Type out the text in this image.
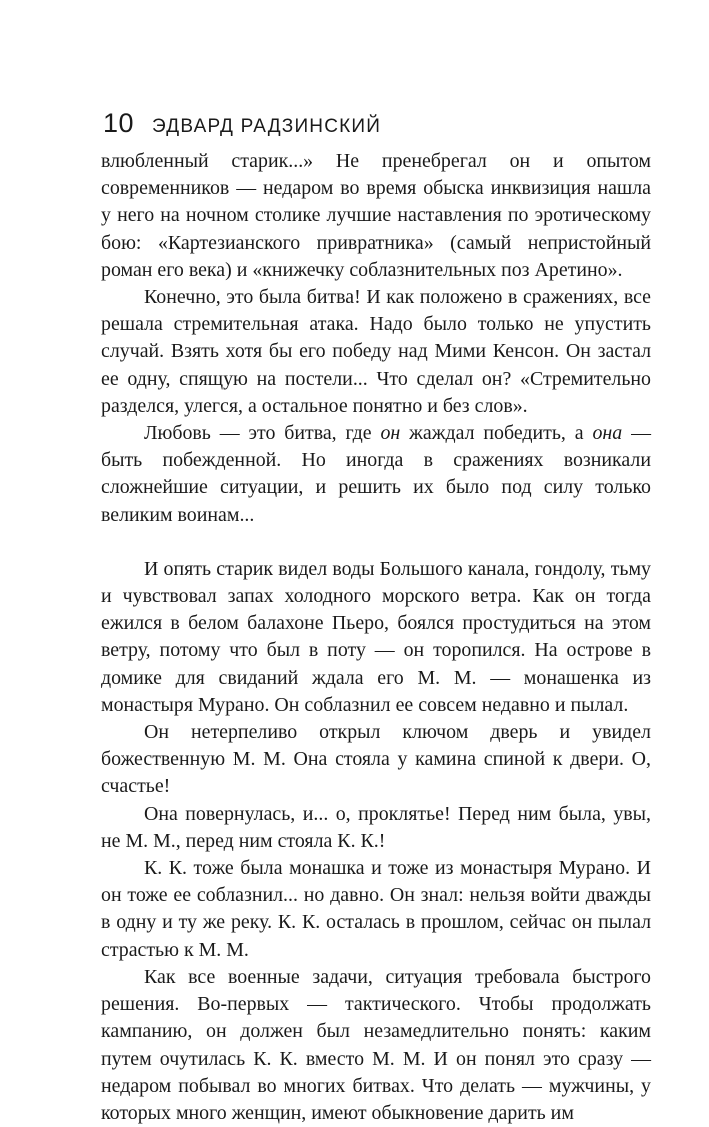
10 ЭДВАРД РАДЗИНСКИЙ

влюбленный старик...» Не пренебрегал он и опытом современников — недаром во время обыска инквизиция нашла у него на ночном столике лучшие наставления по эротическому бою: «Картезианского привратника» (самый непристойный роман его века) и «книжечку соблазнительных поз Аретино».

Конечно, это была битва! И как положено в сражениях, все решала стремительная атака. Надо было только не упустить случай. Взять хотя бы его победу над Мими Кенсон. Он застал ее одну, спящую на постели... Что сделал он? «Стремительно разделся, улегся, а остальное понятно и без слов».

Любовь — это битва, где он жаждал победить, а она — быть побежденной. Но иногда в сражениях возникали сложнейшие ситуации, и решить их было под силу только великим воинам...

И опять старик видел воды Большого канала, гондолу, тьму и чувствовал запах холодного морского ветра. Как он тогда ежился в белом балахоне Пьеро, боялся простудиться на этом ветру, потому что был в поту — он торопился. На острове в домике для свиданий ждала его М. М. — монашенка из монастыря Мурано. Он соблазнил ее совсем недавно и пылал.

Он нетерпеливо открыл ключом дверь и увидел божественную М. М. Она стояла у камина спиной к двери. О, счастье!

Она повернулась, и... о, проклятье! Перед ним была, увы, не М. М., перед ним стояла К. К.!

К. К. тоже была монашка и тоже из монастыря Мурано. И он тоже ее соблазнил... но давно. Он знал: нельзя войти дважды в одну и ту же реку. К. К. осталась в прошлом, сейчас он пылал страстью к М. М.

Как все военные задачи, ситуация требовала быстрого решения. Во-первых — тактического. Чтобы продолжать кампанию, он должен был незамедлительно понять: каким путем очутилась К. К. вместо М. М. И он понял это сразу — недаром побывал во многих битвах. Что делать — мужчины, у которых много женщин, имеют обыкновение дарить им
